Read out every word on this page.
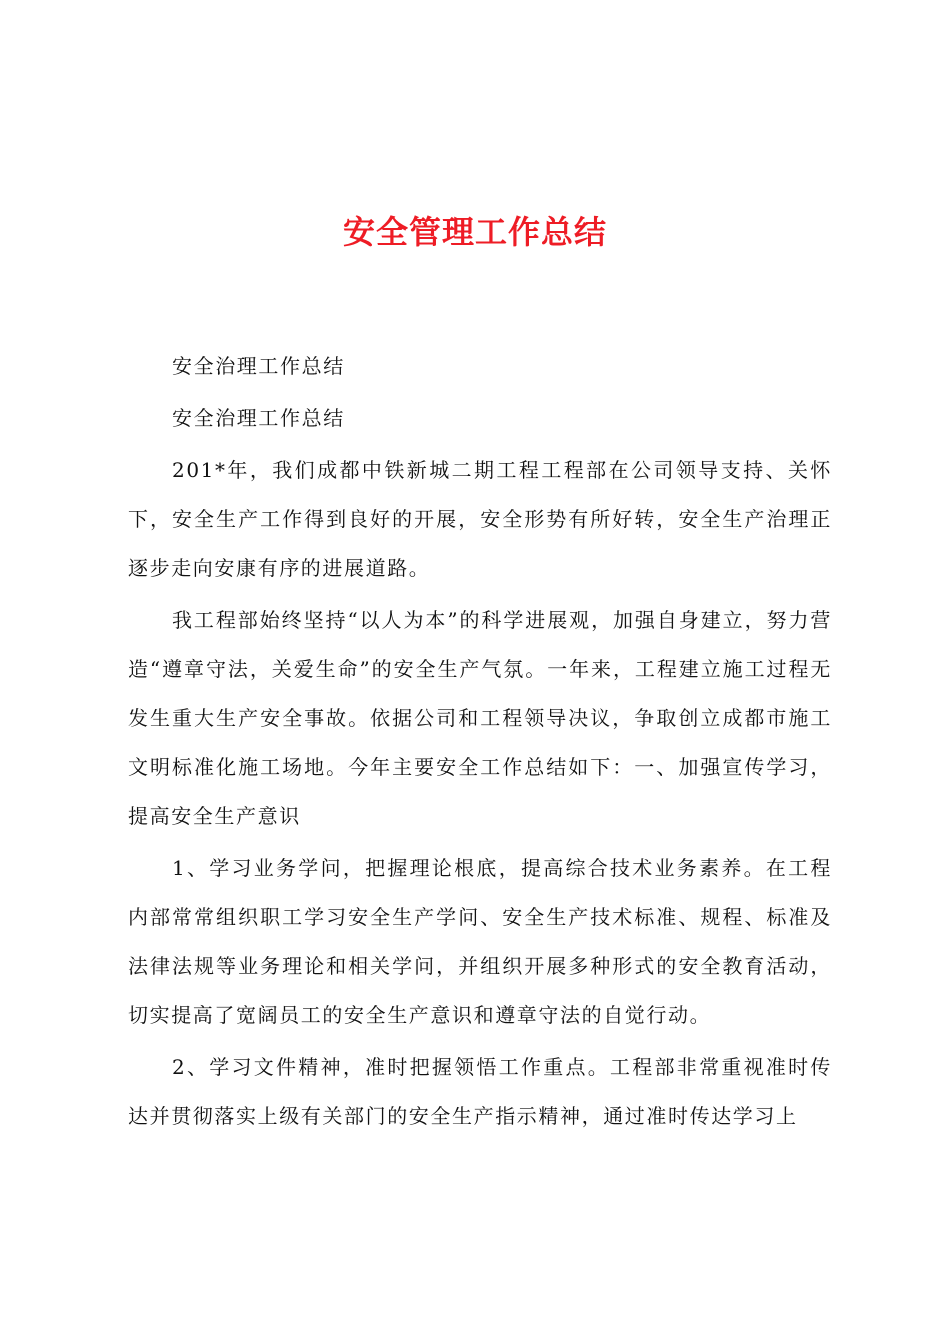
安全管理工作总结

安全治理工作总结

安全治理工作总结

201*年，我们成都中铁新城二期工程工程部在公司领导支持、关怀下，安全生产工作得到良好的开展，安全形势有所好转，安全生产治理正逐步走向安康有序的进展道路。

我工程部始终坚持“以人为本”的科学进展观，加强自身建立，努力营造“遵章守法，关爱生命”的安全生产气氛。一年来，工程建立施工过程无发生重大生产安全事故。依据公司和工程领导决议，争取创立成都市施工文明标准化施工场地。今年主要安全工作总结如下：一、加强宣传学习，提高安全生产意识

1、学习业务学问，把握理论根底，提高综合技术业务素养。在工程内部常常组织职工学习安全生产学问、安全生产技术标准、规程、标准及法律法规等业务理论和相关学问，并组织开展多种形式的安全教育活动，切实提高了宽阔员工的安全生产意识和遵章守法的自觉行动。

2、学习文件精神，准时把握领悟工作重点。工程部非常重视准时传达并贯彻落实上级有关部门的安全生产指示精神，通过准时传达学习上
